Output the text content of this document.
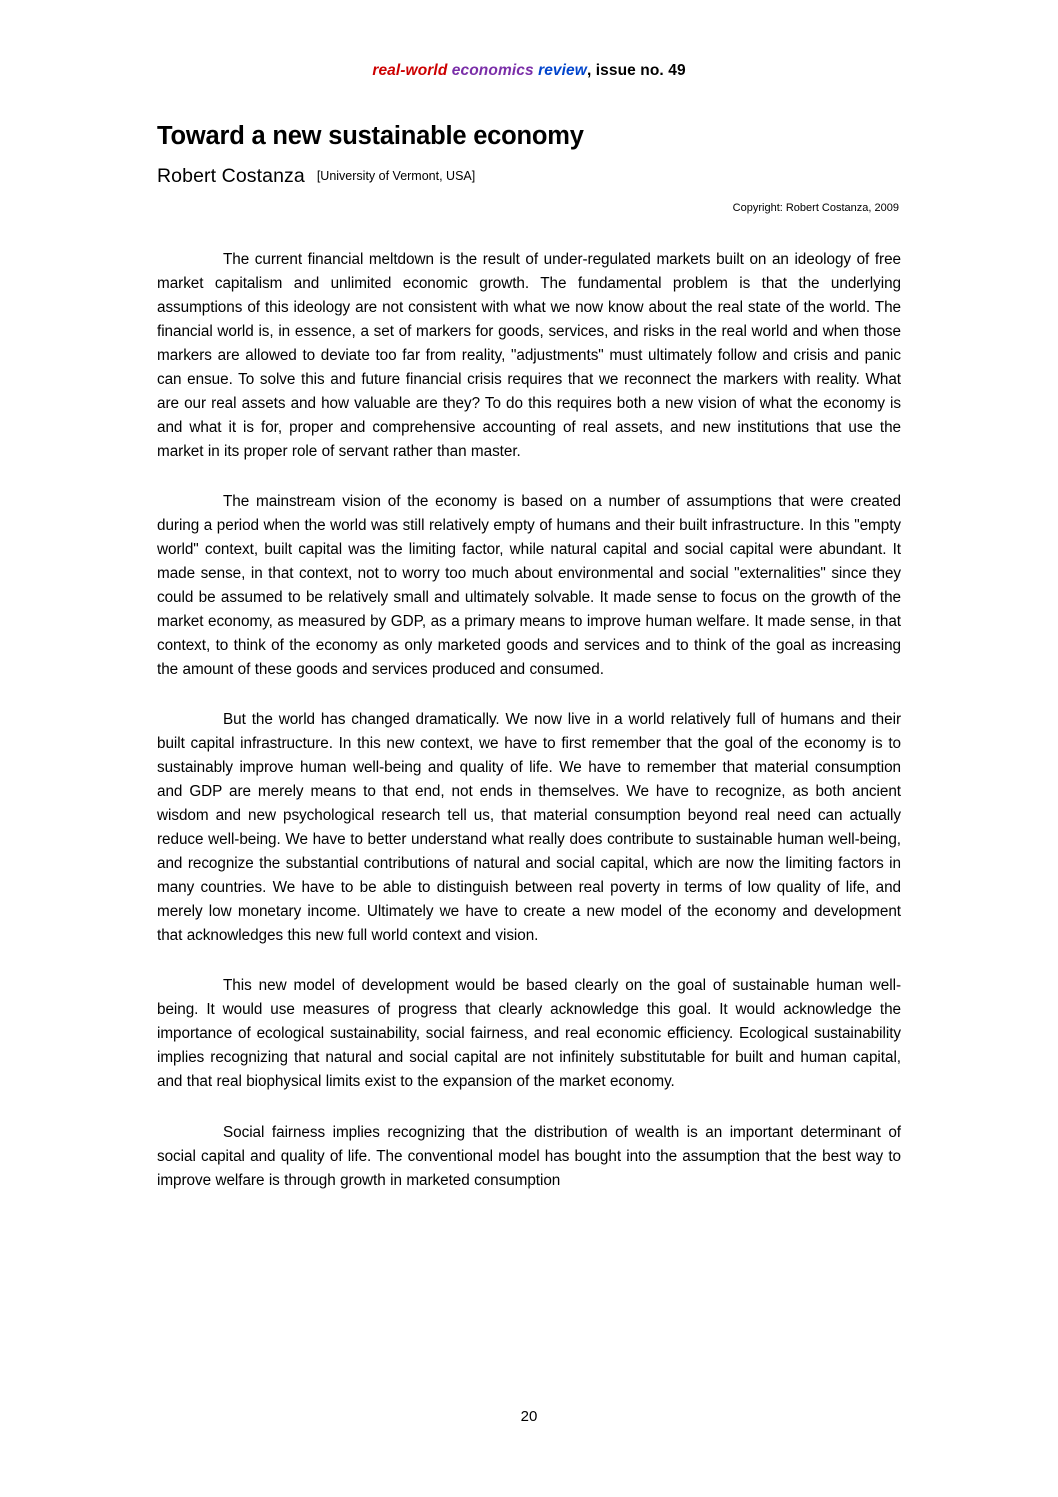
real-world economics review, issue no. 49
Toward a new sustainable economy
Robert Costanza [University of Vermont, USA]
Copyright: Robert Costanza, 2009

The current financial meltdown is the result of under-regulated markets built on an ideology of free market capitalism and unlimited economic growth. The fundamental problem is that the underlying assumptions of this ideology are not consistent with what we now know about the real state of the world. The financial world is, in essence, a set of markers for goods, services, and risks in the real world and when those markers are allowed to deviate too far from reality, "adjustments" must ultimately follow and crisis and panic can ensue. To solve this and future financial crisis requires that we reconnect the markers with reality. What are our real assets and how valuable are they? To do this requires both a new vision of what the economy is and what it is for, proper and comprehensive accounting of real assets, and new institutions that use the market in its proper role of servant rather than master.

The mainstream vision of the economy is based on a number of assumptions that were created during a period when the world was still relatively empty of humans and their built infrastructure. In this "empty world" context, built capital was the limiting factor, while natural capital and social capital were abundant. It made sense, in that context, not to worry too much about environmental and social "externalities" since they could be assumed to be relatively small and ultimately solvable. It made sense to focus on the growth of the market economy, as measured by GDP, as a primary means to improve human welfare. It made sense, in that context, to think of the economy as only marketed goods and services and to think of the goal as increasing the amount of these goods and services produced and consumed.

But the world has changed dramatically. We now live in a world relatively full of humans and their built capital infrastructure. In this new context, we have to first remember that the goal of the economy is to sustainably improve human well-being and quality of life. We have to remember that material consumption and GDP are merely means to that end, not ends in themselves. We have to recognize, as both ancient wisdom and new psychological research tell us, that material consumption beyond real need can actually reduce well-being. We have to better understand what really does contribute to sustainable human well-being, and recognize the substantial contributions of natural and social capital, which are now the limiting factors in many countries. We have to be able to distinguish between real poverty in terms of low quality of life, and merely low monetary income. Ultimately we have to create a new model of the economy and development that acknowledges this new full world context and vision.

This new model of development would be based clearly on the goal of sustainable human well-being. It would use measures of progress that clearly acknowledge this goal. It would acknowledge the importance of ecological sustainability, social fairness, and real economic efficiency. Ecological sustainability implies recognizing that natural and social capital are not infinitely substitutable for built and human capital, and that real biophysical limits exist to the expansion of the market economy.

Social fairness implies recognizing that the distribution of wealth is an important determinant of social capital and quality of life. The conventional model has bought into the assumption that the best way to improve welfare is through growth in marketed consumption

20
